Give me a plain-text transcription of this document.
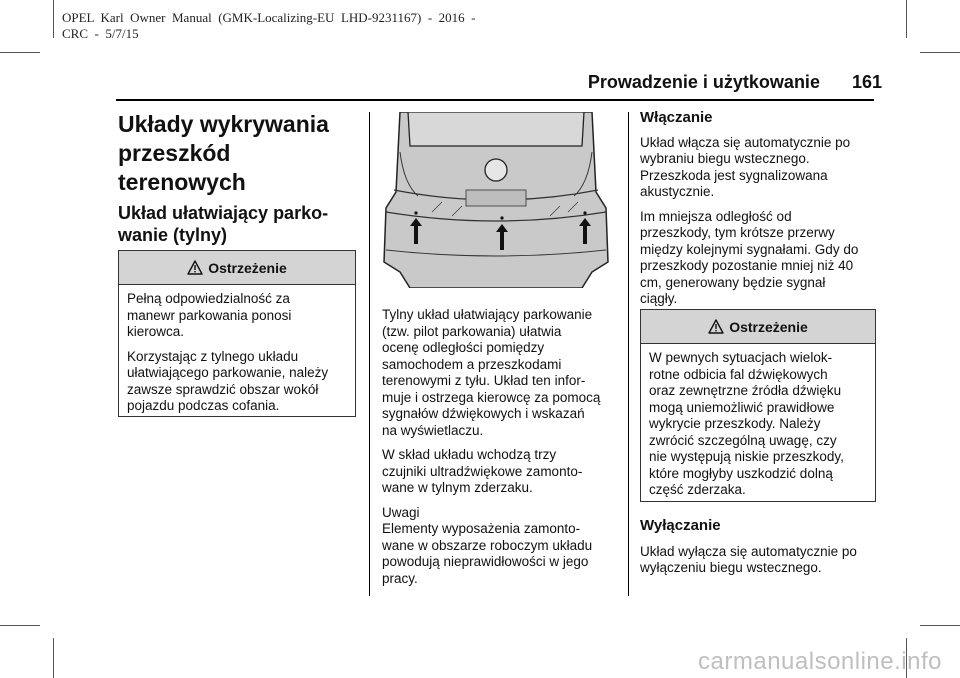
OPEL  Karl  Owner  Manual  (GMK-Localizing-EU  LHD-9231167)  -  2016  -
CRC  -  5/7/15
Prowadzenie i użytkowanie 161
Układy wykrywania
przeszkód
terenowych
Układ ułatwiający parko-
wanie (tylny)
Ostrzeżenie

Pełną odpowiedzialność za
manewr parkowania ponosi
kierowca.

Korzystając z tylnego układu
ułatwiającego parkowanie, należy
zawsze sprawdzić obszar wokół
pojazdu podczas cofania.

Tylny układ ułatwiający parkowanie
(tzw. pilot parkowania) ułatwia
ocenę odległości pomiędzy
samochodem a przeszkodami
terenowymi z tyłu. Układ ten infor-
muje i ostrzega kierowcę za pomocą
sygnałów dźwiękowych i wskazań
na wyświetlaczu.

W skład układu wchodzą trzy
czujniki ultradźwiękowe zamonto-
wane w tylnym zderzaku.

Uwagi

Elementy wyposażenia zamonto-
wane w obszarze roboczym układu
powodują nieprawidłowości w jego
pracy.

Włączanie

Układ włącza się automatycznie po
wybraniu biegu wstecznego.
Przeszkoda jest sygnalizowana
akustycznie.

Im mniejsza odległość od
przeszkody, tym krótsze przerwy
między kolejnymi sygnałami. Gdy do
przeszkody pozostanie mniej niż 40
cm, generowany będzie sygnał
ciągły.

Ostrzeżenie
W pewnych sytuacjach wielok-
rotne odbicia fal dźwiękowych
oraz zewnętrzne źródła dźwięku
mogą uniemożliwić prawidłowe
wykrycie przeszkody. Należy
zwrócić szczególną uwagę, czy
nie występują niskie przeszkody,
które mogłyby uszkodzić dolną
część zderzaka.
Wyłączanie

Układ wyłącza się automatycznie po
wyłączeniu biegu wstecznego.

carmanualsonline.info
